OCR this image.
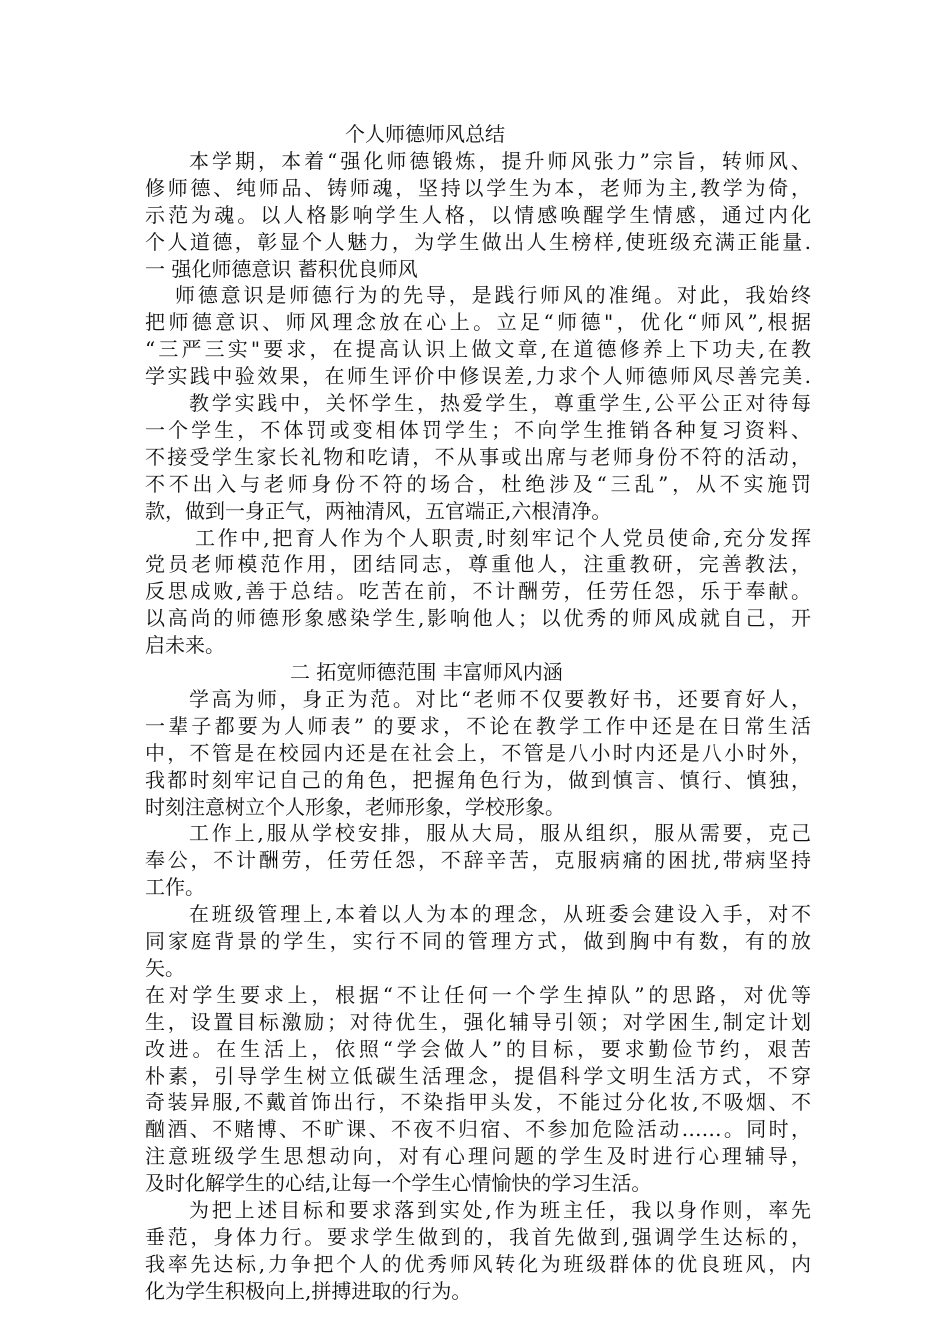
个人师德师风总结
本学期，本着“强化师德锻炼，提升师风张力”宗旨，转师风、
修师德、纯师品、铸师魂，坚持以学生为本，老师为主,教学为倚，
示范为魂。以人格影响学生人格，以情感唤醒学生情感，通过内化
个人道德，彰显个人魅力，为学生做出人生榜样,使班级充满正能量.
一 强化师德意识 蓄积优良师风
师德意识是师德行为的先导，是践行师风的准绳。对此，我始终
把师德意识、师风理念放在心上。立足“师德"，优化“师风”,根据
“三严三实"要求，在提高认识上做文章,在道德修养上下功夫,在教
学实践中验效果，在师生评价中修误差,力求个人师德师风尽善完美.
教学实践中，关怀学生，热爱学生，尊重学生,公平公正对待每
一个学生，不体罚或变相体罚学生；不向学生推销各种复习资料、
不接受学生家长礼物和吃请，不从事或出席与老师身份不符的活动，
不不出入与老师身份不符的场合，杜绝涉及“三乱”，从不实施罚
款，做到一身正气，两袖清风，五官端正,六根清净。
工作中,把育人作为个人职责,时刻牢记个人党员使命,充分发挥
党员老师模范作用，团结同志，尊重他人，注重教研，完善教法，
反思成败,善于总结。吃苦在前，不计酬劳，任劳任怨，乐于奉献。
以高尚的师德形象感染学生,影响他人；以优秀的师风成就自己，开
启未来。
二 拓宽师德范围 丰富师风内涵
学高为师，身正为范。对比“老师不仅要教好书，还要育好人，
一辈子都要为人师表” 的要求，不论在教学工作中还是在日常生活
中，不管是在校园内还是在社会上，不管是八小时内还是八小时外，
我都时刻牢记自己的角色，把握角色行为，做到慎言、慎行、慎独，
时刻注意树立个人形象，老师形象，学校形象。
工作上,服从学校安排，服从大局，服从组织，服从需要，克己
奉公，不计酬劳，任劳任怨，不辞辛苦，克服病痛的困扰,带病坚持
工作。
在班级管理上,本着以人为本的理念，从班委会建设入手，对不
同家庭背景的学生，实行不同的管理方式，做到胸中有数，有的放
矢。
在对学生要求上，根据“不让任何一个学生掉队”的思路，对优等
生，设置目标激励；对待优生，强化辅导引领；对学困生,制定计划
改进。在生活上，依照“学会做人”的目标，要求勤俭节约，艰苦
朴素，引导学生树立低碳生活理念，提倡科学文明生活方式，不穿
奇装异服,不戴首饰出行，不染指甲头发，不能过分化妆,不吸烟、不
酗酒、不赌博、不旷课、不夜不归宿、不参加危险活动……。同时，
注意班级学生思想动向，对有心理问题的学生及时进行心理辅导，
及时化解学生的心结,让每一个学生心情愉快的学习生活。
为把上述目标和要求落到实处,作为班主任，我以身作则，率先
垂范，身体力行。要求学生做到的，我首先做到,强调学生达标的，
我率先达标,力争把个人的优秀师风转化为班级群体的优良班风，内
化为学生积极向上,拼搏进取的行为。
